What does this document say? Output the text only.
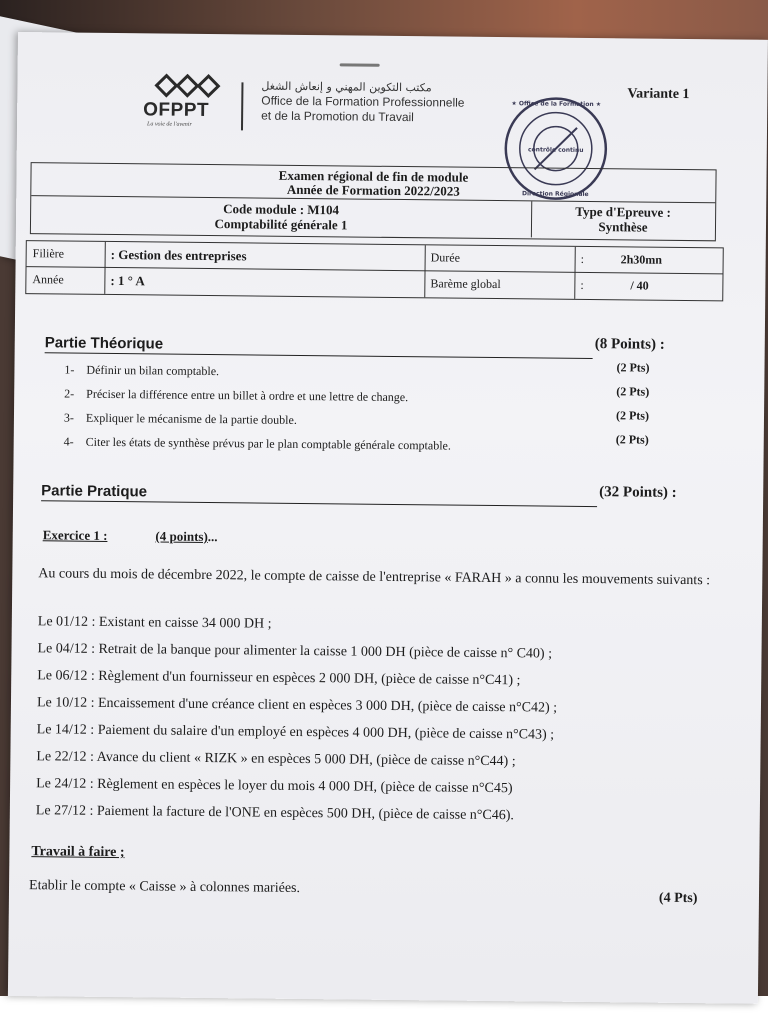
OFPPT
La voie de l'avenir
مكتب التكوين المهني و إنعاش الشغل
Office de la Formation Professionnelle
et de la Promotion du Travail
Variante 1
★ Office de la Formation ★
Direction Régionale
contrôle continu
Examen régional de fin de module
Année de Formation 2022/2023
Code module : M104
Comptabilité générale 1
Type d'Epreuve :
Synthèse
Filière	: Gestion des entreprises	Durée	:	2h30mn
Année	: 1 ° A	Barème global	:	/ 40
Partie Théorique	(8 Points) :
1- Définir un bilan comptable.	(2 Pts)
2- Préciser la différence entre un billet à ordre et une lettre de change.	(2 Pts)
3- Expliquer le mécanisme de la partie double.	(2 Pts)
4- Citer les états de synthèse prévus par le plan comptable générale comptable.	(2 Pts)
Partie Pratique	(32 Points) :
Exercice 1 :	(4 points)...
Au cours du mois de décembre 2022, le compte de caisse de l'entreprise « FARAH » a connu les mouvements suivants :
Le 01/12 : Existant en caisse 34 000 DH ;
Le 04/12 : Retrait de la banque pour alimenter la caisse 1 000 DH (pièce de caisse n° C40) ;
Le 06/12 : Règlement d'un fournisseur en espèces 2 000 DH, (pièce de caisse n°C41) ;
Le 10/12 : Encaissement d'une créance client en espèces 3 000 DH, (pièce de caisse n°C42) ;
Le 14/12 : Paiement du salaire d'un employé en espèces 4 000 DH, (pièce de caisse n°C43) ;
Le 22/12 : Avance du client « RIZK » en espèces 5 000 DH, (pièce de caisse n°C44) ;
Le 24/12 : Règlement en espèces le loyer du mois 4 000 DH, (pièce de caisse n°C45)
Le 27/12 : Paiement la facture de l'ONE en espèces 500 DH, (pièce de caisse n°C46).
Travail à faire ;
Etablir le compte « Caisse » à colonnes mariées.
(4 Pts)
